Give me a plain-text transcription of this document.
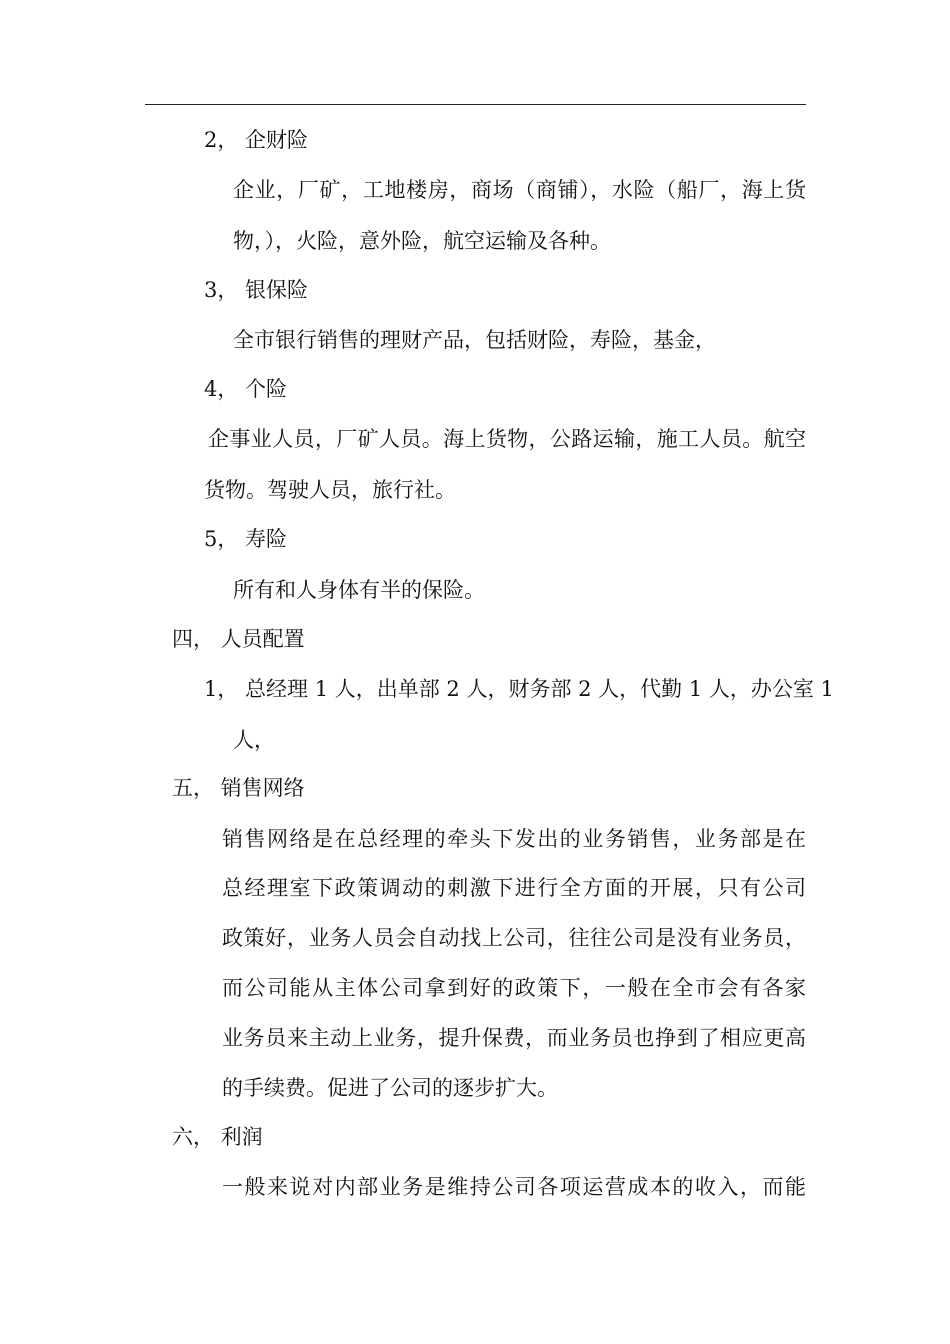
2， 企财险
企业，厂矿，工地楼房，商场（商铺），水险（船厂，海上货
物，），火险，意外险，航空运输及各种。
3， 银保险
全市银行销售的理财产品，包括财险，寿险，基金，
4， 个险
企事业人员，厂矿人员。海上货物，公路运输，施工人员。航空
货物。驾驶人员，旅行社。
5， 寿险
所有和人身体有半的保险。
四， 人员配置
1， 总经理 1 人，出单部 2 人，财务部 2 人，代勤 1 人，办公室 1
人，
五， 销售网络
销售网络是在总经理的牵头下发出的业务销售，业务部是在
总经理室下政策调动的刺激下进行全方面的开展，只有公司
政策好，业务人员会自动找上公司，往往公司是没有业务员，
而公司能从主体公司拿到好的政策下，一般在全市会有各家
业务员来主动上业务，提升保费，而业务员也挣到了相应更高
的手续费。促进了公司的逐步扩大。
六， 利润
一般来说对内部业务是维持公司各项运营成本的收入，而能
